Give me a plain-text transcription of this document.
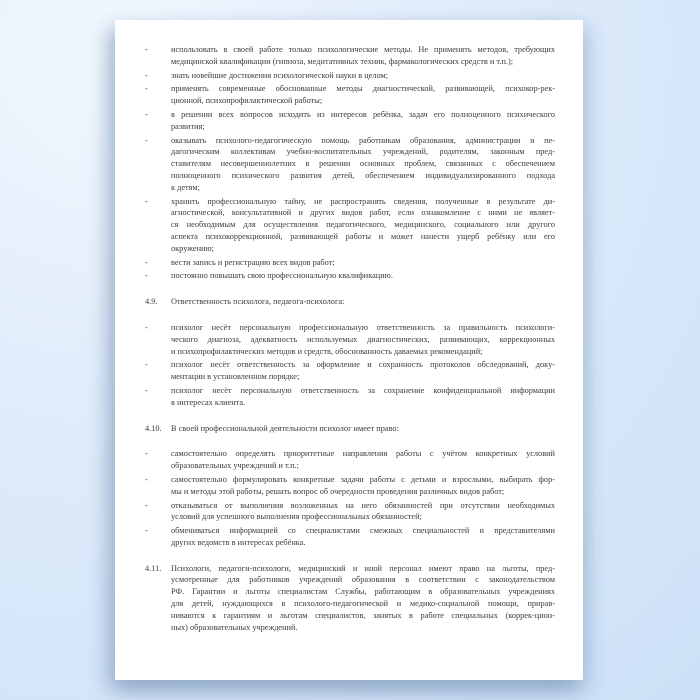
-	использовать в своей работе только психологические методы. Не применять методов, требующих
медицинской квалификации (гипноза, медитативных техник, фармакологических средств и т.п.);
-	знать новейшие достижения психологической науки в целом;
-	применять современные обоснованные методы диагностической, развивающей, психокор-рек-
ционной, психопрофилактической работы;
-	в решении всех вопросов исходить из интересов ребёнка, задач его полноценного психического
развития;
-	оказывать психолого-педагогическую помощь работникам образования, администрации и пе-
дагогическим коллективам учебно-воспитательных учреждений, родителям, законным пред-
ставителям несовершеннолетних в решении основных проблем, связанных с обеспечением
полноценного психического развития детей, обеспечением индивидуализированного подхода
к детям;
-	хранить профессиональную тайну, не распространять сведения, полученные в результате ди-
агностической, консультативной и других видов работ, если ознакомление с ними не являет-
ся необходимым для осуществления педагогического, медицинского, социального или другого
аспекта психокоррекционной, развивающей работы и может нанести ущерб ребёнку или его
окружению;
-	вести запись и регистрацию всех видов работ;
-	постоянно повышать свою профессиональную квалификацию.
4.9.	Ответственность психолога, педагога-психолога:
-	психолог несёт персональную профессиональную ответственность за правильность психологи-
ческого диагноза, адекватность используемых диагностических, развивающих, коррекционных
и психопрофилактических методов и средств, обоснованность даваемых рекомендаций;
-	психолог несёт ответственность за оформление и сохранность протоколов обследований, доку-
ментации в установленном порядке;
-	психолог несёт персональную ответственность за сохранение конфиденциальной информации
в интересах клиента.
4.10.	В своей профессиональной деятельности психолог имеет право:
-	самостоятельно определять приоритетные направления работы с учётом конкретных условий
образовательных учреждений и т.п.;
-	самостоятельно формулировать конкретные задачи работы с детьми и взрослыми, выбирать фор-
мы и методы этой работы, решать вопрос об очередности проведения различных видов работ;
-	отказываться от выполнения возложенных на него обязанностей при отсутствии необходимых
условий для успешного выполнения профессиональных обязанностей;
-	обмениваться информацией со специалистами смежных специальностей и представителями
других ведомств в интересах ребёнка.
4.11.	Психологи, педагоги-психологи, медицинский и иной персонал имеют право на льготы, пред-
усмотренные для работников учреждений образования в соответствии с законодательством
РФ. Гарантии и льготы специалистам Службы, работающим в образовательных учреждениях
для детей, нуждающихся в психолого-педагогической и медико-социальной помощи, прирав-
ниваются к гарантиям и льготам специалистов, занятых в работе специальных (коррек-цион-
ных) образовательных учреждений.
